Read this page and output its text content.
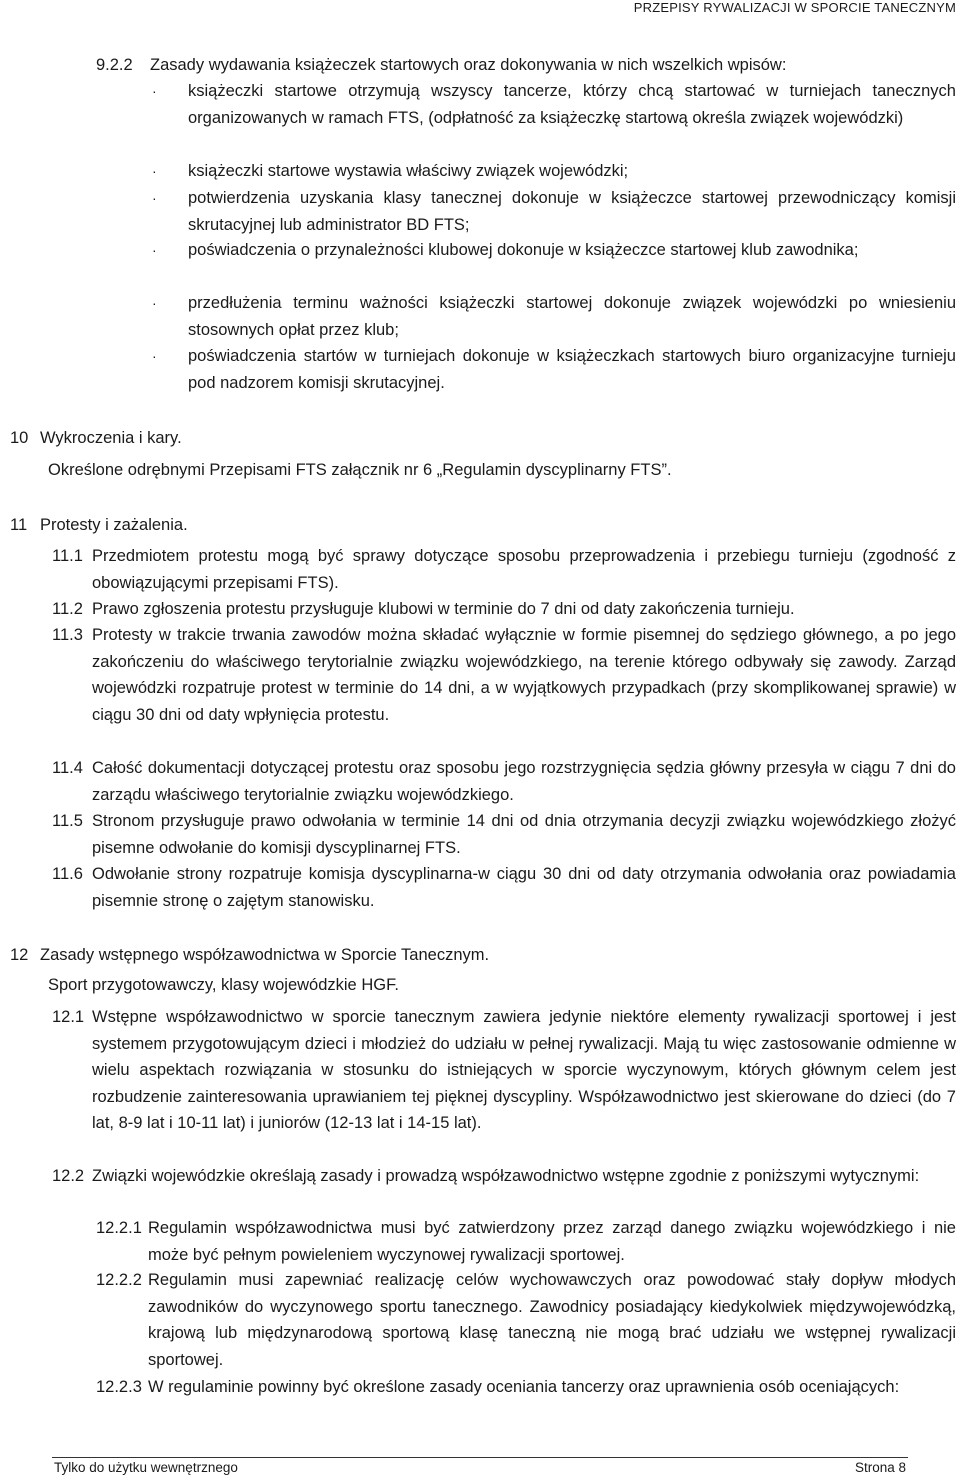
PRZEPISY RYWALIZACJI W SPORCIE TANECZNYM
9.2.2 Zasady wydawania książeczek startowych oraz dokonywania w nich wszelkich wpisów:
· książeczki startowe otrzymują wszyscy tancerze, którzy chcą startować w turniejach tanecznych organizowanych w ramach FTS, (odpłatność za książeczkę startową określa związek wojewódzki)
· książeczki startowe wystawia właściwy związek wojewódzki;
· potwierdzenia uzyskania klasy tanecznej dokonuje w książeczce startowej przewodniczący komisji skrutacyjnej lub administrator BD FTS;
· poświadczenia o przynależności klubowej dokonuje w książeczce startowej klub zawodnika;
· przedłużenia terminu ważności książeczki startowej dokonuje związek wojewódzki po wniesieniu stosownych opłat przez klub;
· poświadczenia startów w turniejach dokonuje w książeczkach startowych biuro organizacyjne turnieju pod nadzorem komisji skrutacyjnej.
10 Wykroczenia i kary.
Określone odrębnymi Przepisami FTS załącznik nr 6 „Regulamin dyscyplinarny FTS”.
11 Protesty i zażalenia.
11.1 Przedmiotem protestu mogą być sprawy dotyczące sposobu przeprowadzenia i przebiegu turnieju (zgodność z obowiązującymi przepisami FTS).
11.2 Prawo zgłoszenia protestu przysługuje klubowi w terminie do 7 dni od daty zakończenia turnieju.
11.3 Protesty w trakcie trwania zawodów można składać wyłącznie w formie pisemnej do sędziego głównego, a po jego zakończeniu do właściwego terytorialnie związku wojewódzkiego, na terenie którego odbywały się zawody. Zarząd wojewódzki rozpatruje protest w terminie do 14 dni, a w wyjątkowych przypadkach (przy skomplikowanej sprawie) w ciągu 30 dni od daty wpłynięcia protestu.
11.4 Całość dokumentacji dotyczącej protestu oraz sposobu jego rozstrzygnięcia sędzia główny przesyła w ciągu 7 dni do zarządu właściwego terytorialnie związku wojewódzkiego.
11.5 Stronom przysługuje prawo odwołania w terminie 14 dni od dnia otrzymania decyzji związku wojewódzkiego złożyć pisemne odwołanie do komisji dyscyplinarnej FTS.
11.6 Odwołanie strony rozpatruje komisja dyscyplinarna-w ciągu 30 dni od daty otrzymania odwołania oraz powiadamia pisemnie stronę o zajętym stanowisku.
12 Zasady wstępnego współzawodnictwa w Sporcie Tanecznym.
Sport przygotowawczy, klasy wojewódzkie HGF.
12.1 Wstępne współzawodnictwo w sporcie tanecznym zawiera jedynie niektóre elementy rywalizacji sportowej i jest systemem przygotowującym dzieci i młodzież do udziału w pełnej rywalizacji. Mają tu więc zastosowanie odmienne w wielu aspektach rozwiązania w stosunku do istniejących w sporcie wyczynowym, których głównym celem jest rozbudzenie zainteresowania uprawianiem tej pięknej dyscypliny. Współzawodnictwo jest skierowane do dzieci (do 7 lat, 8-9 lat i 10-11 lat) i juniorów (12-13 lat i 14-15 lat).
12.2 Związki wojewódzkie określają zasady i prowadzą współzawodnictwo wstępne zgodnie z poniższymi wytycznymi:
12.2.1 Regulamin współzawodnictwa musi być zatwierdzony przez zarząd danego związku wojewódzkiego i nie może być pełnym powieleniem wyczynowej rywalizacji sportowej.
12.2.2 Regulamin musi zapewniać realizację celów wychowawczych oraz powodować stały dopływ młodych zawodników do wyczynowego sportu tanecznego. Zawodnicy posiadający kiedykolwiek międzywojewódzką, krajową lub międzynarodową sportową klasę taneczną nie mogą brać udziału we wstępnej rywalizacji sportowej.
12.2.3 W regulaminie powinny być określone zasady oceniania tancerzy oraz uprawnienia osób oceniających:
Tylko do użytku wewnętrznego	Strona 8
